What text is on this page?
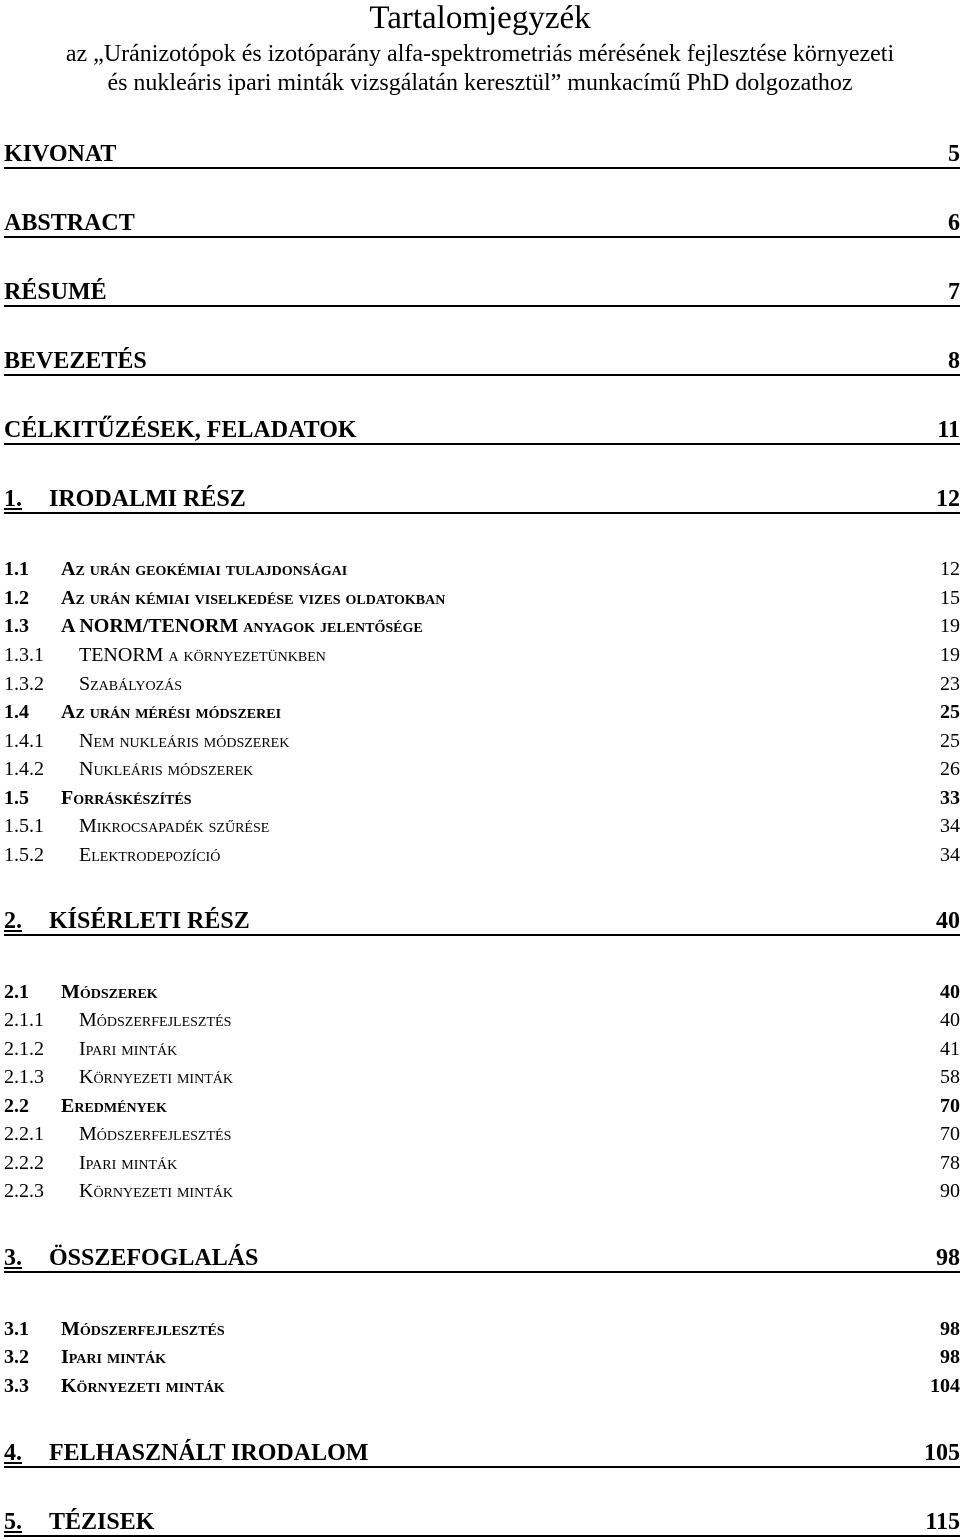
Tartalomjegyzék
az „Uránizotópok és izotóparány alfa-spektrometriás mérésének fejlesztése környezeti
és nukleáris ipari minták vizsgálatán keresztül” munkacímű PhD dolgozathoz
KIVONAT	5
ABSTRACT	6
RÉSUMÉ	7
BEVEZETÉS	8
CÉLKITŰZÉSEK, FELADATOK	11
1. IRODALMI RÉSZ	12
1.1 Az urán geokémiai tulajdonságai	12
1.2 Az urán kémiai viselkedése vizes oldatokban	15
1.3 A NORM/TENORM anyagok jelentősége	19
1.3.1 TENORM a környezetünkben	19
1.3.2 Szabályozás	23
1.4 Az urán mérési módszerei	25
1.4.1 Nem nukleáris módszerek	25
1.4.2 Nukleáris módszerek	26
1.5 Forráskészítés	33
1.5.1 Mikrocsapadék szűrése	34
1.5.2 Elektrodepozíció	34
2. KÍSÉRLETI RÉSZ	40
2.1 Módszerek	40
2.1.1 Módszerfejlesztés	40
2.1.2 Ipari minták	41
2.1.3 Környezeti minták	58
2.2 Eredmények	70
2.2.1 Módszerfejlesztés	70
2.2.2 Ipari minták	78
2.2.3 Környezeti minták	90
3. ÖSSZEFOGLALÁS	98
3.1 Módszerfejlesztés	98
3.2 Ipari minták	98
3.3 Környezeti minták	104
4. FELHASZNÁLT IRODALOM	105
5. TÉZISEK	115
